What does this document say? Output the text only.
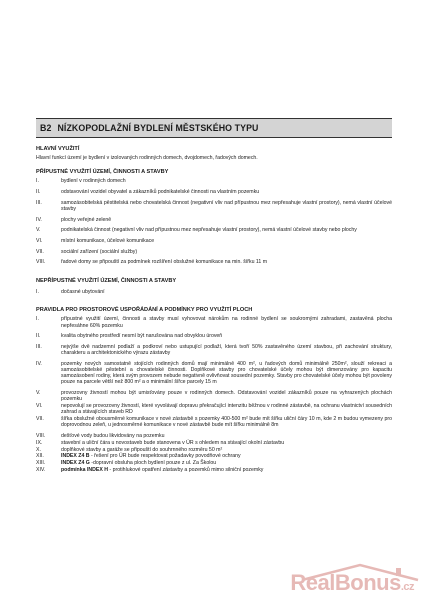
B2 NÍZKOPODLAŽNÍ BYDLENÍ MĚSTSKÉHO TYPU
HLAVNÍ VYUŽITÍ
Hlavní funkcí území je bydlení v izolovaných rodinných domech, dvojdomech, řadových domech.
PŘÍPUSTNÉ VYUŽITÍ ÚZEMÍ, ČINNOSTI A STAVBY
I.	bydlení v rodinných domech
II.	odstavování vozidel obyvatel a zákazníků podnikatelské činnosti na vlastním pozemku
III.	samozásobitelská pěstitelská nebo chovatelská činnost (negativní vliv nad přípustnou mez nepřesahuje vlastní prostory), nemá vlastní účelové stavby
IV.	plochy veřejné zeleně
V.	podnikatelská činnost (negativní vliv nad přípustnou mez nepřesahuje vlastní prostory), nemá vlastní účelové stavby nebo plochy
VI.	místní komunikace, účelové komunikace
VII.	sociální zařízení (sociální služby)
VIII.	řadové domy se připouští za podmínek rozšíření obslužné komunikace na min. šířku 11 m
NEPŘÍPUSTNÉ VYUŽITÍ ÚZEMÍ, ČINNOSTI A STAVBY
I.	dočasné ubytování
PRAVIDLA PRO PROSTOROVÉ USPOŘÁDÁNÍ A PODMÍNKY PRO VYUŽITÍ PLOCH
I.	přípustné využití území, činnosti a stavby musí vyhovovat nárokům na rodinné bydlení se soukromými zahradami, zastavěná plocha nepřesáhne 60% pozemku
II.	kvalita obytného prostředí nesmí být narušována nad obvyklou úroveň
III.	nejvýše dvě nadzemní podlaží a podkroví nebo ustupující podlaží, která tvoří 50% zastavěného území stavbou, při zachování struktury, charakteru a architektonického výrazu zástavby
IV.	pozemky nových samostatně stojících rodinných domů mají minimálně 400 m², u řadových domů minimálně 250m², slouží rekreaci a samozásobitelské pěstební a chovatelské činnosti. Doplňkové stavby pro chovatelské účely mohou být dimenzovány pro kapacitu samozásobení rodiny, která svým provozem nebude negativně ovlivňovat sousední pozemky. Stavby pro chovatelské účely mohou být povoleny pouze na parcele větší než 800 m² a o minimální šířce parcely 15 m
V.	provozovny živností mohou být umisťovány pouze v rodinných domech. Odstavování vozidel zákazníků pouze na vyhrazených plochách pozemku
VI.	nepovolují se provozovny živností, které vyvolávají dopravu překračující intenzitu běžnou v rodinné zástavbě, na ochranu vlastnictví sousedních zahrad a stávajících staveb RD
VII.	šířka obslužné obousměrné komunikace v nové zástavbě s pozemky 400-500 m² bude mít šířku uliční čáry 10 m, kde 2 m budou vymezeny pro doprovodnou zeleň, u jednosměrné komunikace v nové zástavbě bude mít šířku minimálně 8m
VIII.	dešťové vody budou likvidovány na pozemku
IX.	stavební a uliční čára u novostaveb bude stanovena v ÚR s ohledem na stávající okolní zástavbu
X.	doplňkové stavby a garáže se připouští do souhrnného rozměru 50 m²
XII.	INDEX Z4 B - řešení pro ÚR bude respektovat požadavky povodňové ochrany
XIII.	INDEX Z4 G -dopravní obsluha ploch bydlení pouze z ul. Za Školou
XIV.	podmínka INDEX H - protihlukové opatření zástavby a pozemků mimo silniční pozemky
RealBonus.cz
